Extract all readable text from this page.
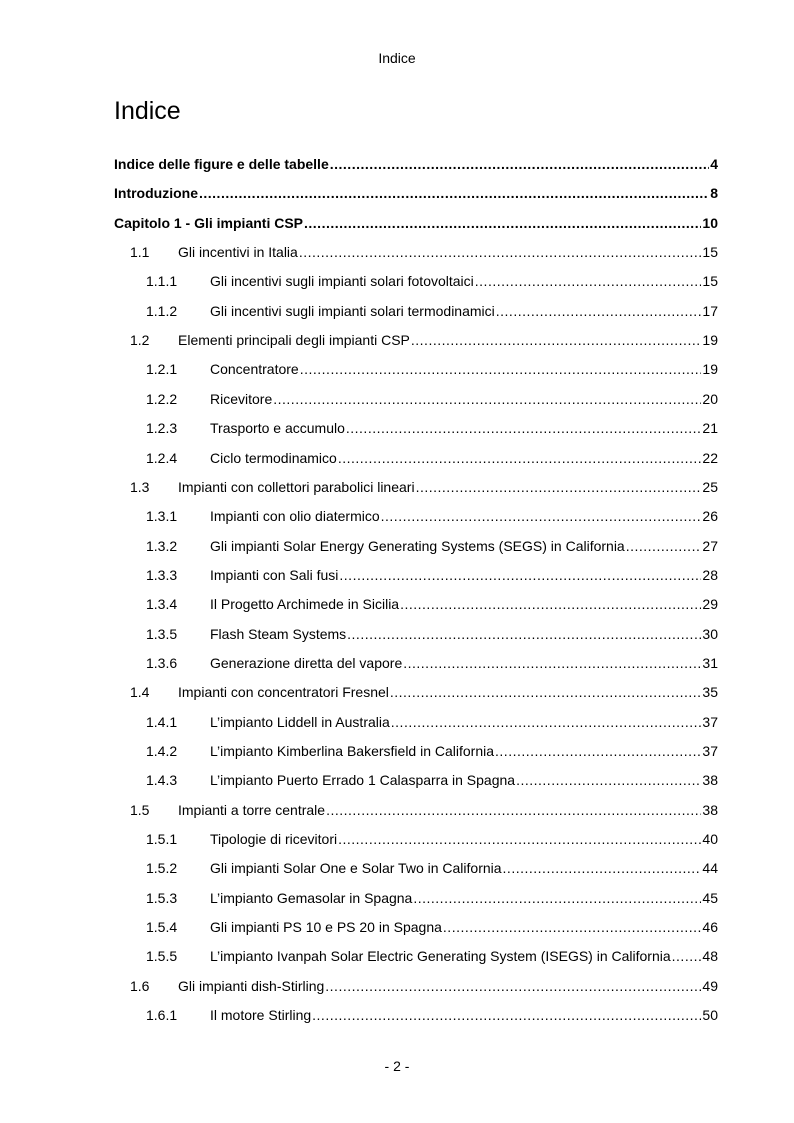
Indice
Indice
Indice delle figure e delle tabelle .....	4
Introduzione .....	8
Capitolo 1 - Gli impianti CSP .....	10
1.1 Gli incentivi in Italia .....	15
1.1.1 Gli incentivi sugli impianti solari fotovoltaici .....	15
1.1.2 Gli incentivi sugli impianti solari termodinamici .....	17
1.2 Elementi principali degli impianti CSP .....	19
1.2.1 Concentratore .....	19
1.2.2 Ricevitore .....	20
1.2.3 Trasporto e accumulo .....	21
1.2.4 Ciclo termodinamico .....	22
1.3 Impianti con collettori parabolici lineari .....	25
1.3.1 Impianti con olio diatermico .....	26
1.3.2 Gli impianti Solar Energy Generating Systems (SEGS) in California .....	27
1.3.3 Impianti con Sali fusi .....	28
1.3.4 Il Progetto Archimede in Sicilia .....	29
1.3.5 Flash Steam Systems .....	30
1.3.6 Generazione diretta del vapore .....	31
1.4 Impianti con concentratori Fresnel .....	35
1.4.1 L’impianto Liddell in Australia .....	37
1.4.2 L’impianto Kimberlina Bakersfield in California .....	37
1.4.3 L’impianto Puerto Errado 1 Calasparra in Spagna .....	38
1.5 Impianti a torre centrale .....	38
1.5.1 Tipologie di ricevitori .....	40
1.5.2 Gli impianti Solar One e Solar Two in California .....	44
1.5.3 L’impianto Gemasolar in Spagna .....	45
1.5.4 Gli impianti PS 10 e PS 20 in Spagna .....	46
1.5.5 L’impianto Ivanpah Solar Electric Generating System (ISEGS) in California ..... 48
1.6 Gli impianti dish-Stirling .....	49
1.6.1 Il motore Stirling .....	50
- 2 -
